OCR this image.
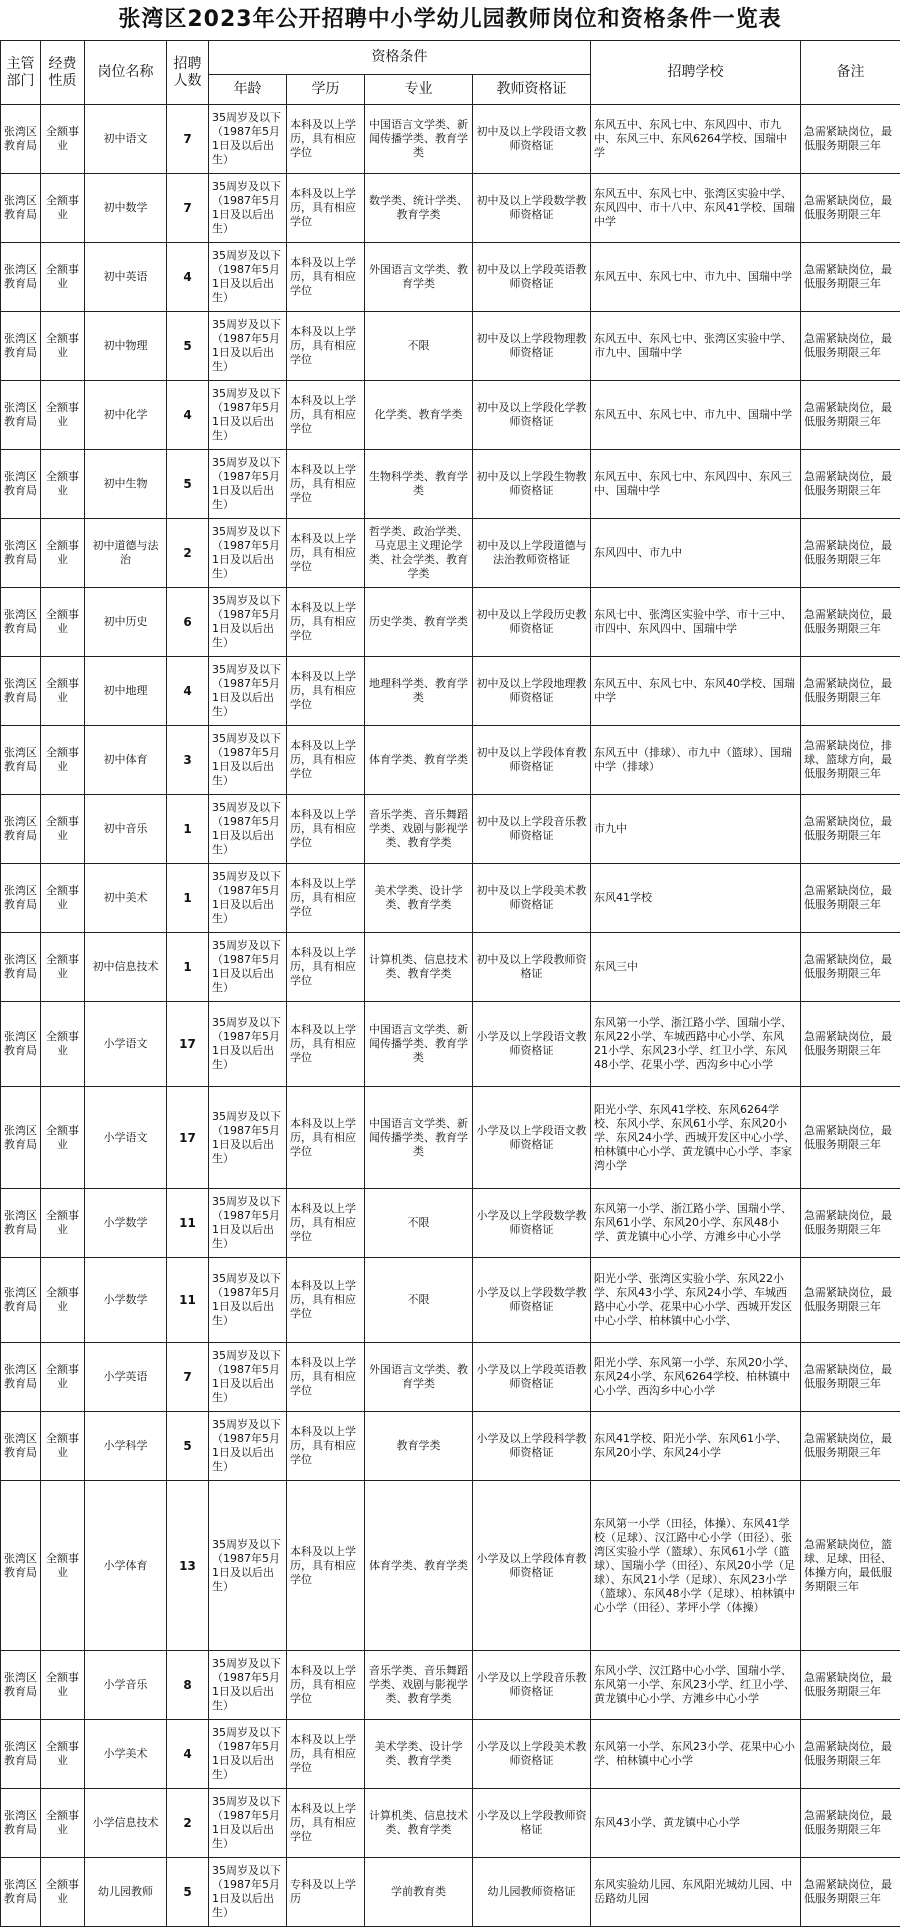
张湾区2023年公开招聘中小学幼儿园教师岗位和资格条件一览表
主管部门	经费性质	岗位名称	招聘人数	资格条件				招聘学校	备注
				年龄	学历	专业	教师资格证		
张湾区教育局	全额事业	初中语文	7	35周岁及以下（1987年5月1日及以后出生）	本科及以上学历，具有相应学位	中国语言文学类、新闻传播学类、教育学类	初中及以上学段语文教师资格证	东风五中、东风七中、东风四中、市九中、东风三中、东风6264学校、国瑞中学	急需紧缺岗位，最低服务期限三年
张湾区教育局	全额事业	初中数学	7	35周岁及以下（1987年5月1日及以后出生）	本科及以上学历，具有相应学位	数学类、统计学类、教育学类	初中及以上学段数学教师资格证	东风五中、东风七中、张湾区实验中学、东风四中、市十八中、东风41学校、国瑞中学	急需紧缺岗位，最低服务期限三年
张湾区教育局	全额事业	初中英语	4	35周岁及以下（1987年5月1日及以后出生）	本科及以上学历，具有相应学位	外国语言文学类、教育学类	初中及以上学段英语教师资格证	东风五中、东风七中、市九中、国瑞中学	急需紧缺岗位，最低服务期限三年
张湾区教育局	全额事业	初中物理	5	35周岁及以下（1987年5月1日及以后出生）	本科及以上学历，具有相应学位	不限	初中及以上学段物理教师资格证	东风五中、东风七中、张湾区实验中学、市九中、国瑞中学	急需紧缺岗位，最低服务期限三年
张湾区教育局	全额事业	初中化学	4	35周岁及以下（1987年5月1日及以后出生）	本科及以上学历，具有相应学位	化学类、教育学类	初中及以上学段化学教师资格证	东风五中、东风七中、市九中、国瑞中学	急需紧缺岗位，最低服务期限三年
张湾区教育局	全额事业	初中生物	5	35周岁及以下（1987年5月1日及以后出生）	本科及以上学历，具有相应学位	生物科学类、教育学类	初中及以上学段生物教师资格证	东风五中、东风七中、东风四中、东风三中、国瑞中学	急需紧缺岗位，最低服务期限三年
张湾区教育局	全额事业	初中道德与法治	2	35周岁及以下（1987年5月1日及以后出生）	本科及以上学历，具有相应学位	哲学类、政治学类、马克思主义理论学类、社会学类、教育学类	初中及以上学段道德与法治教师资格证	东风四中、市九中	急需紧缺岗位，最低服务期限三年
张湾区教育局	全额事业	初中历史	6	35周岁及以下（1987年5月1日及以后出生）	本科及以上学历，具有相应学位	历史学类、教育学类	初中及以上学段历史教师资格证	东风七中、张湾区实验中学、市十三中、市四中、东风四中、国瑞中学	急需紧缺岗位，最低服务期限三年
张湾区教育局	全额事业	初中地理	4	35周岁及以下（1987年5月1日及以后出生）	本科及以上学历，具有相应学位	地理科学类、教育学类	初中及以上学段地理教师资格证	东风五中、东风七中、东风40学校、国瑞中学	急需紧缺岗位，最低服务期限三年
张湾区教育局	全额事业	初中体育	3	35周岁及以下（1987年5月1日及以后出生）	本科及以上学历，具有相应学位	体育学类、教育学类	初中及以上学段体育教师资格证	东风五中（排球）、市九中（篮球）、国瑞中学（排球）	急需紧缺岗位，排球、篮球方向，最低服务期限三年
张湾区教育局	全额事业	初中音乐	1	35周岁及以下（1987年5月1日及以后出生）	本科及以上学历，具有相应学位	音乐学类、音乐舞蹈学类、戏剧与影视学类、教育学类	初中及以上学段音乐教师资格证	市九中	急需紧缺岗位，最低服务期限三年
张湾区教育局	全额事业	初中美术	1	35周岁及以下（1987年5月1日及以后出生）	本科及以上学历，具有相应学位	美术学类、设计学类、教育学类	初中及以上学段美术教师资格证	东风41学校	急需紧缺岗位，最低服务期限三年
张湾区教育局	全额事业	初中信息技术	1	35周岁及以下（1987年5月1日及以后出生）	本科及以上学历，具有相应学位	计算机类、信息技术类、教育学类	初中及以上学段教师资格证	东风三中	急需紧缺岗位，最低服务期限三年
张湾区教育局	全额事业	小学语文	17	35周岁及以下（1987年5月1日及以后出生）	本科及以上学历，具有相应学位	中国语言文学类、新闻传播学类、教育学类	小学及以上学段语文教师资格证	东风第一小学、浙江路小学、国瑞小学、东风22小学、车城西路中心小学、东风21小学、东风23小学、红卫小学、东风48小学、花果小学、西沟乡中心小学	急需紧缺岗位，最低服务期限三年
张湾区教育局	全额事业	小学语文	17	35周岁及以下（1987年5月1日及以后出生）	本科及以上学历，具有相应学位	中国语言文学类、新闻传播学类、教育学类	小学及以上学段语文教师资格证	阳光小学、东风41学校、东风6264学校、东风小学、东风61小学、东风20小学、东风24小学、西城开发区中心小学、柏林镇中心小学、黄龙镇中心小学、李家湾小学	急需紧缺岗位，最低服务期限三年
张湾区教育局	全额事业	小学数学	11	35周岁及以下（1987年5月1日及以后出生）	本科及以上学历，具有相应学位	不限	小学及以上学段数学教师资格证	东风第一小学、浙江路小学、国瑞小学、东风61小学、东风20小学、东风48小学、黄龙镇中心小学、方滩乡中心小学	急需紧缺岗位，最低服务期限三年
张湾区教育局	全额事业	小学数学	11	35周岁及以下（1987年5月1日及以后出生）	本科及以上学历，具有相应学位	不限	小学及以上学段数学教师资格证	阳光小学、张湾区实验小学、东风22小学、东风43小学、东风24小学、车城西路中心小学、花果中心小学、西城开发区中心小学、柏林镇中心小学、	急需紧缺岗位，最低服务期限三年
张湾区教育局	全额事业	小学英语	7	35周岁及以下（1987年5月1日及以后出生）	本科及以上学历，具有相应学位	外国语言文学类、教育学类	小学及以上学段英语教师资格证	阳光小学、东风第一小学、东风20小学、东风24小学、东风6264学校、柏林镇中心小学、西沟乡中心小学	急需紧缺岗位，最低服务期限三年
张湾区教育局	全额事业	小学科学	5	35周岁及以下（1987年5月1日及以后出生）	本科及以上学历，具有相应学位	教育学类	小学及以上学段科学教师资格证	东风41学校、阳光小学、东风61小学、东风20小学、东风24小学	急需紧缺岗位，最低服务期限三年
张湾区教育局	全额事业	小学体育	13	35周岁及以下（1987年5月1日及以后出生）	本科及以上学历，具有相应学位	体育学类、教育学类	小学及以上学段体育教师资格证	东风第一小学（田径，体操）、东风41学校（足球）、汉江路中心小学（田径）、张湾区实验小学（篮球）、东风61小学（篮球）、国瑞小学（田径）、东风20小学（足球）、东风21小学（足球）、东风23小学（篮球）、东风48小学（足球）、柏林镇中心小学（田径）、茅坪小学（体操）	急需紧缺岗位，篮球、足球、田径、体操方向，最低服务期限三年
张湾区教育局	全额事业	小学音乐	8	35周岁及以下（1987年5月1日及以后出生）	本科及以上学历，具有相应学位	音乐学类、音乐舞蹈学类、戏剧与影视学类、教育学类	小学及以上学段音乐教师资格证	东风小学、汉江路中心小学、国瑞小学、东风第一小学、东风23小学、红卫小学、黄龙镇中心小学、方滩乡中心小学	急需紧缺岗位，最低服务期限三年
张湾区教育局	全额事业	小学美术	4	35周岁及以下（1987年5月1日及以后出生）	本科及以上学历，具有相应学位	美术学类、设计学类、教育学类	小学及以上学段美术教师资格证	东风第一小学、东风23小学、花果中心小学、柏林镇中心小学	急需紧缺岗位，最低服务期限三年
张湾区教育局	全额事业	小学信息技术	2	35周岁及以下（1987年5月1日及以后出生）	本科及以上学历，具有相应学位	计算机类、信息技术类、教育学类	小学及以上学段教师资格证	东风43小学、黄龙镇中心小学	急需紧缺岗位，最低服务期限三年
张湾区教育局	全额事业	幼儿园教师	5	35周岁及以下（1987年5月1日及以后出生）	专科及以上学历	学前教育类	幼儿园教师资格证	东风实验幼儿园、东风阳光城幼儿园、中岳路幼儿园	急需紧缺岗位，最低服务期限三年
